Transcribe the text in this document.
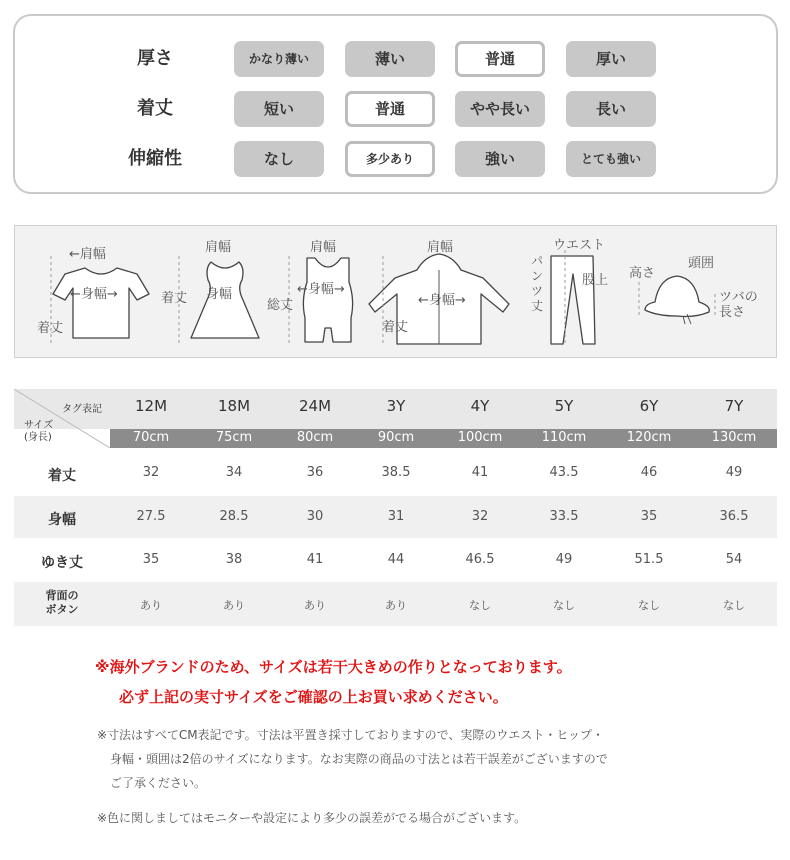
厚さ	かなり薄い	薄い	普通	厚い
着丈	短い	普通	やや長い	長い
伸縮性	なし	多少あり	強い	とても強い
←肩幅
←身幅→
着丈
肩幅
着丈 身幅
肩幅
総丈
←身幅→
肩幅
←身幅→
着丈
ウエスト
パンツ丈
股上 高さ
頭囲
ツバの長さ
タグ表記
サイズ
(身長)
12M	18M	24M	3Y	4Y	5Y	6Y	7Y
70cm	75cm	80cm	90cm	100cm	110cm	120cm	130cm
着丈	32	34	36	38.5	41	43.5	46	49
身幅	27.5	28.5	30	31	32	33.5	35	36.5
ゆき丈	35	38	41	44	46.5	49	51.5	54
背面の
ボタン	あり	あり	あり	あり	なし	なし	なし	なし
※海外ブランドのため、サイズは若干大きめの作りとなっております。
必ず上記の実寸サイズをご確認の上お買い求めください。
※寸法はすべてCM表記です。寸法は平置き採寸しておりますので、実際のウエスト・ヒップ・
身幅・頭囲は2倍のサイズになります。なお実際の商品の寸法とは若干誤差がございますので
ご了承ください。
※色に関しましてはモニターや設定により多少の誤差がでる場合がございます。
